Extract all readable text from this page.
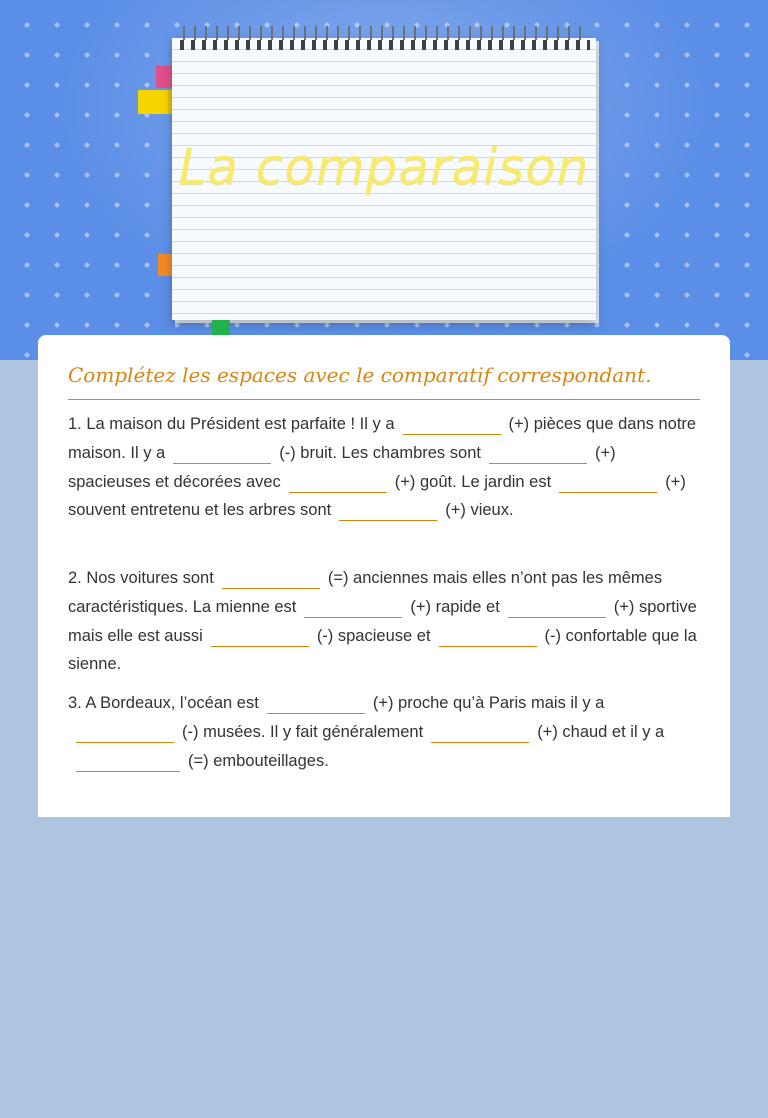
La comparaison
Complétez les espaces avec le comparatif correspondant.
1. La maison du Président est parfaite ! Il y a	(+) pièces que dans notre maison. Il y a	(-) bruit. Les chambres sont	(+) spacieuses et décorées avec	(+) goût. Le jardin est	(+) souvent entretenu et les arbres sont	(+) vieux.
2. Nos voitures sont	(=) anciennes mais elles n’ont pas les mêmes caractéristiques. La mienne est	(+) rapide et	(+) sportive mais elle est aussi	(-) spacieuse et	(-) confortable que la sienne.
3. A Bordeaux, l’océan est	(+) proche qu’à Paris mais il y a(-) musées. Il y fait généralement	(+) chaud et il y a(=) embouteillages.
